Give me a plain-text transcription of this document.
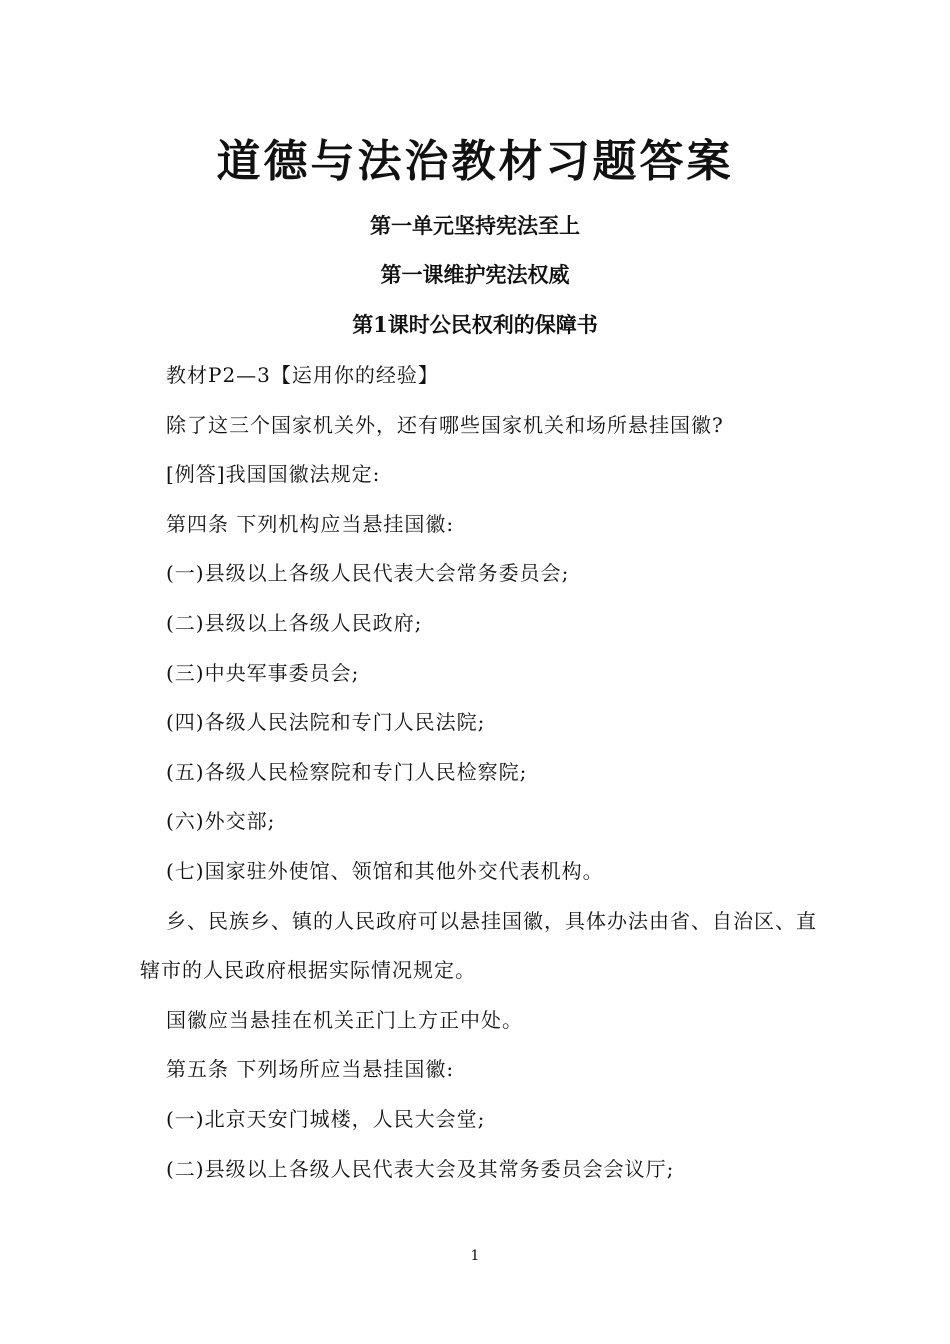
道德与法治教材习题答案
第一单元坚持宪法至上
第一课维护宪法权威
第1课时公民权利的保障书
教材P2—3【运用你的经验】
除了这三个国家机关外，还有哪些国家机关和场所悬挂国徽?
[例答]我国国徽法规定:
第四条 下列机构应当悬挂国徽:
(一)县级以上各级人民代表大会常务委员会;
(二)县级以上各级人民政府;
(三)中央军事委员会;
(四)各级人民法院和专门人民法院;
(五)各级人民检察院和专门人民检察院;
(六)外交部;
(七)国家驻外使馆、领馆和其他外交代表机构。
乡、民族乡、镇的人民政府可以悬挂国徽，具体办法由省、自治区、直
辖市的人民政府根据实际情况规定。
国徽应当悬挂在机关正门上方正中处。
第五条 下列场所应当悬挂国徽:
(一)北京天安门城楼，人民大会堂;
(二)县级以上各级人民代表大会及其常务委员会会议厅;
1
